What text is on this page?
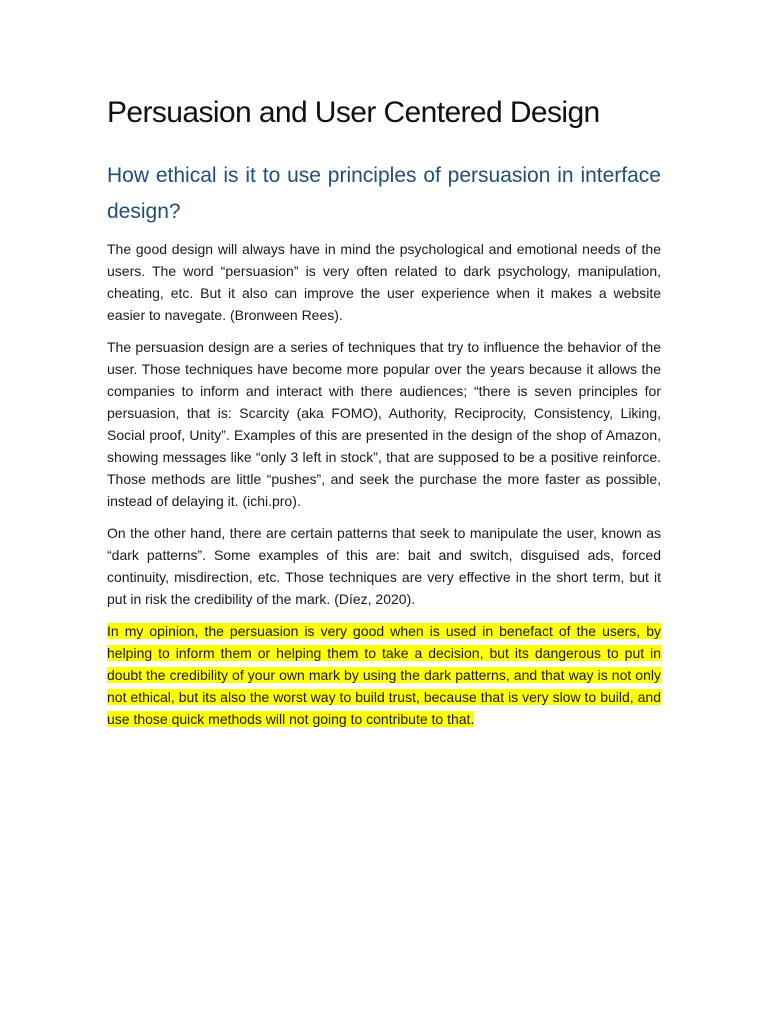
Persuasion and User Centered Design
How ethical is it to use principles of persuasion in interface design?

The good design will always have in mind the psychological and emotional needs of the users. The word “persuasion” is very often related to dark psychology, manipulation, cheating, etc. But it also can improve the user experience when it makes a website easier to navegate. (Bronween Rees).

The persuasion design are a series of techniques that try to influence the behavior of the user. Those techniques have become more popular over the years because it allows the companies to inform and interact with there audiences; “there is seven principles for persuasion, that is: Scarcity (aka FOMO), Authority, Reciprocity, Consistency, Liking, Social proof, Unity”. Examples of this are presented in the design of the shop of Amazon, showing messages like “only 3 left in stock”, that are supposed to be a positive reinforce. Those methods are little “pushes”, and seek the purchase the more faster as possible, instead of delaying it. (ichi.pro).

On the other hand, there are certain patterns that seek to manipulate the user, known as “dark patterns”. Some examples of this are: bait and switch, disguised ads, forced continuity, misdirection, etc. Those techniques are very effective in the short term, but it put in risk the credibility of the mark. (Díez, 2020).

In my opinion, the persuasion is very good when is used in benefact of the users, by helping to inform them or helping them to take a decision, but its dangerous to put in doubt the credibility of your own mark by using the dark patterns, and that way is not only not ethical, but its also the worst way to build trust, because that is very slow to build, and use those quick methods will not going to contribute to that.
